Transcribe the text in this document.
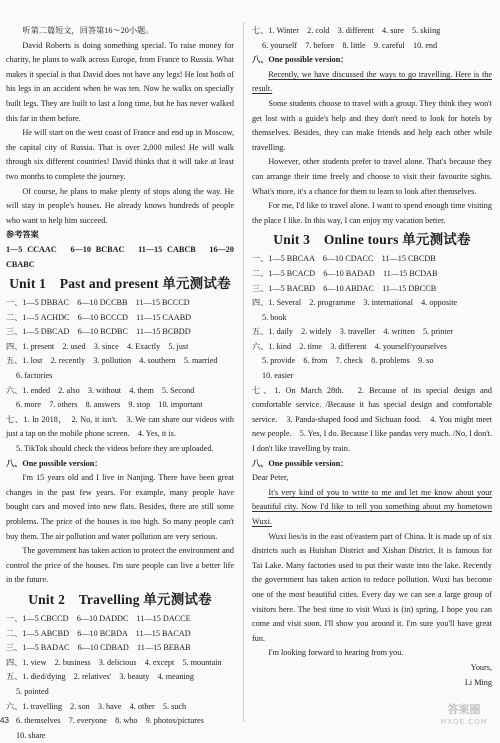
听第二篇短文，回答第16～20小题。

David Roberts is doing something special. To raise money for charity, he plans to walk across Europe, from France to Russia. What makes it special is that David does not have any legs! He lost both of his legs in an accident when he was ten. Now he walks on specially built legs. They are built to last a long time, but he has never walked this far in them before.

He will start on the west coast of France and end up in Moscow, the capital city of Russia. That is over 2,000 miles! He will walk through six different countries! David thinks that it will take at least two months to complete the journey.

Of course, he plans to make plenty of stops along the way. He will stay in people's houses. He already knows hundreds of people who want to help him succeed.

参考答案

1—5 CCAAC　6—10 BCBAC　11—15 CABCB　16—20 CBABC

Unit 1　Past and present 单元测试卷

一、1—5 DBBAC　6—10 DCCBB　11—15 BCCCD

二、1—5 ACHDC　6—10 BCCCD　11—15 CAABD

三、1—5 DBCAD　6—10 BCDBC　11—15 BCBDD

四、1. present　2. used　3. since　4. Exactly　5. just

五、1. lost　2. recently　3. pollution　4. southern　5. married

6. factories

六、1. ended　2. also　3. without　4. them　5. Second

6. more　7. others　8. answers　9. stop　10. important

七、1. In 2018，　2. No, it isn't.　3. We can share our videos with just a tap on the mobile phone screen.　4. Yes, it is.

5. TikTok should check the videos before they are uploaded.

八、One possible version：

I'm 15 years old and I live in Nanjing. There have been great changes in the past few years. For example, many people have bought cars and moved into new flats. Besides, there are still some problems. The price of the houses is too high. So many people can't buy them. The air pollution and water pollution are very serious.

The government has taken action to protect the environment and control the price of the houses. I'm sure people can live a better life in the future.

Unit 2　Travelling 单元测试卷

一、1—5 CBCCD　6—10 DADDC　11—15 DACCE

二、1—5 ABCBD　6—10 BCBDA　11—15 BACAD

三、1—5 BADAC　6—10 CDBAD　11—15 BEBAB

四、1. view　2. business　3. delicious　4. except　5. mountain

五、1. died/dying　2. relatives'　3. beauty　4. meaning

5. pointed

六、1. travelling　2. son　3. have　4. other　5. such

6. themselves　7. everyone　8. who　9. photos/pictures

10. share

七、1. Winter　2. cold　3. different　4. sure　5. skiing

6. yourself　7. before　8. little　9. careful　10. end

八、One possible version：

Recently, we have discussed the ways to go travelling. Here is the result.

Some students choose to travel with a group. They think they won't get lost with a guide's help and they don't need to look for hotels by themselves. Besides, they can make friends and help each other while travelling.

However, other students prefer to travel alone. That's because they can arrange their time freely and choose to visit their favourite sights. What's more, it's a chance for them to learn to look after themselves.

For me, I'd like to travel alone. I want to spend enough time visiting the place I like. In this way, I can enjoy my vacation better.

Unit 3　Online tours 单元测试卷

一、1—5 BBCAA　6—10 CDACC　11—15 CBCDB

二、1—5 BCACD　6—10 BADAD　11—15 BCDAB

三、1—5 BACBD　6—10 ABDAC　11—15 DBCCB

四、1. Several　2. programme　3. international　4. opposite

5. book

五、1. daily　2. widely　3. traveller　4. written　5. printer

六、1. kind　2. time　3. different　4. yourself/yourselves

5. provide　6. from　7. check　8. problems　9. so

10. easier

七、1. On March 28th.　2. Because of its special design and comfortable service. /Because it has special design and comfortable service.　3. Panda-shaped food and Sichuan food.　4. You might meet new people.　5. Yes, I do. Because I like pandas very much. /No, I don't. I don't like travelling by train.

八、One possible version：

Dear Peter,

It's very kind of you to write to me and let me know about your beautiful city. Now I'd like to tell you something about my hometown Wuxi.

Wuxi lies/is in the east of/eastern part of China. It is made up of six districts such as Huishan District and Xishan District. It is famous for Tai Lake. Many factories used to put their waste into the lake. Recently the government has taken action to reduce pollution. Wuxi has become one of the most beautiful cities. Every day we can see a large group of visitors here. The best time to visit Wuxi is (in) spring. I hope you can come and visit soon. I'll show you around it. I'm sure you'll have great fun.

I'm looking forward to hearing from you.

Yours,

Li Ming

43
答案圈
MXQE.COM
